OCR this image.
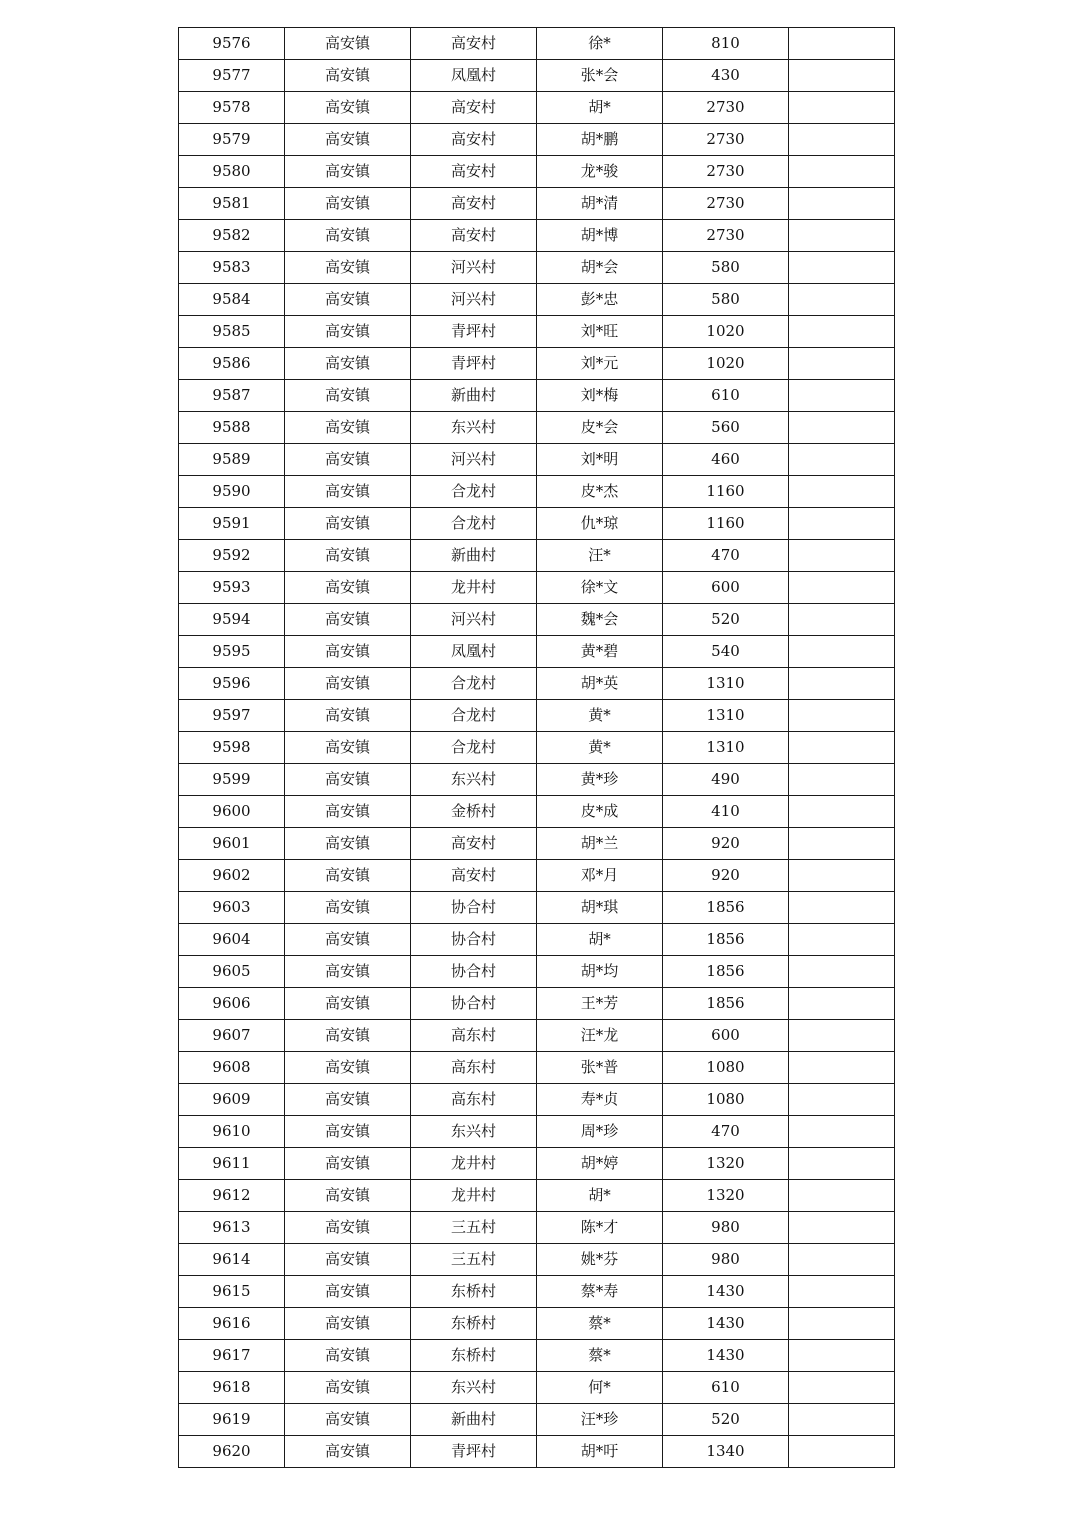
9576	高安镇	高安村	徐*	810	
9577	高安镇	凤凰村	张*会	430	
9578	高安镇	高安村	胡*	2730	
9579	高安镇	高安村	胡*鹏	2730	
9580	高安镇	高安村	龙*骏	2730	
9581	高安镇	高安村	胡*清	2730	
9582	高安镇	高安村	胡*博	2730	
9583	高安镇	河兴村	胡*会	580	
9584	高安镇	河兴村	彭*忠	580	
9585	高安镇	青坪村	刘*旺	1020	
9586	高安镇	青坪村	刘*元	1020	
9587	高安镇	新曲村	刘*梅	610	
9588	高安镇	东兴村	皮*会	560	
9589	高安镇	河兴村	刘*明	460	
9590	高安镇	合龙村	皮*杰	1160	
9591	高安镇	合龙村	仇*琼	1160	
9592	高安镇	新曲村	汪*	470	
9593	高安镇	龙井村	徐*文	600	
9594	高安镇	河兴村	魏*会	520	
9595	高安镇	凤凰村	黄*碧	540	
9596	高安镇	合龙村	胡*英	1310	
9597	高安镇	合龙村	黄*	1310	
9598	高安镇	合龙村	黄*	1310	
9599	高安镇	东兴村	黄*珍	490	
9600	高安镇	金桥村	皮*成	410	
9601	高安镇	高安村	胡*兰	920	
9602	高安镇	高安村	邓*月	920	
9603	高安镇	协合村	胡*琪	1856	
9604	高安镇	协合村	胡*	1856	
9605	高安镇	协合村	胡*均	1856	
9606	高安镇	协合村	王*芳	1856	
9607	高安镇	高东村	汪*龙	600	
9608	高安镇	高东村	张*普	1080	
9609	高安镇	高东村	寿*贞	1080	
9610	高安镇	东兴村	周*珍	470	
9611	高安镇	龙井村	胡*婷	1320	
9612	高安镇	龙井村	胡*	1320	
9613	高安镇	三五村	陈*才	980	
9614	高安镇	三五村	姚*芬	980	
9615	高安镇	东桥村	蔡*寿	1430	
9616	高安镇	东桥村	蔡*	1430	
9617	高安镇	东桥村	蔡*	1430	
9618	高安镇	东兴村	何*	610	
9619	高安镇	新曲村	汪*珍	520	
9620	高安镇	青坪村	胡*吁	1340	
